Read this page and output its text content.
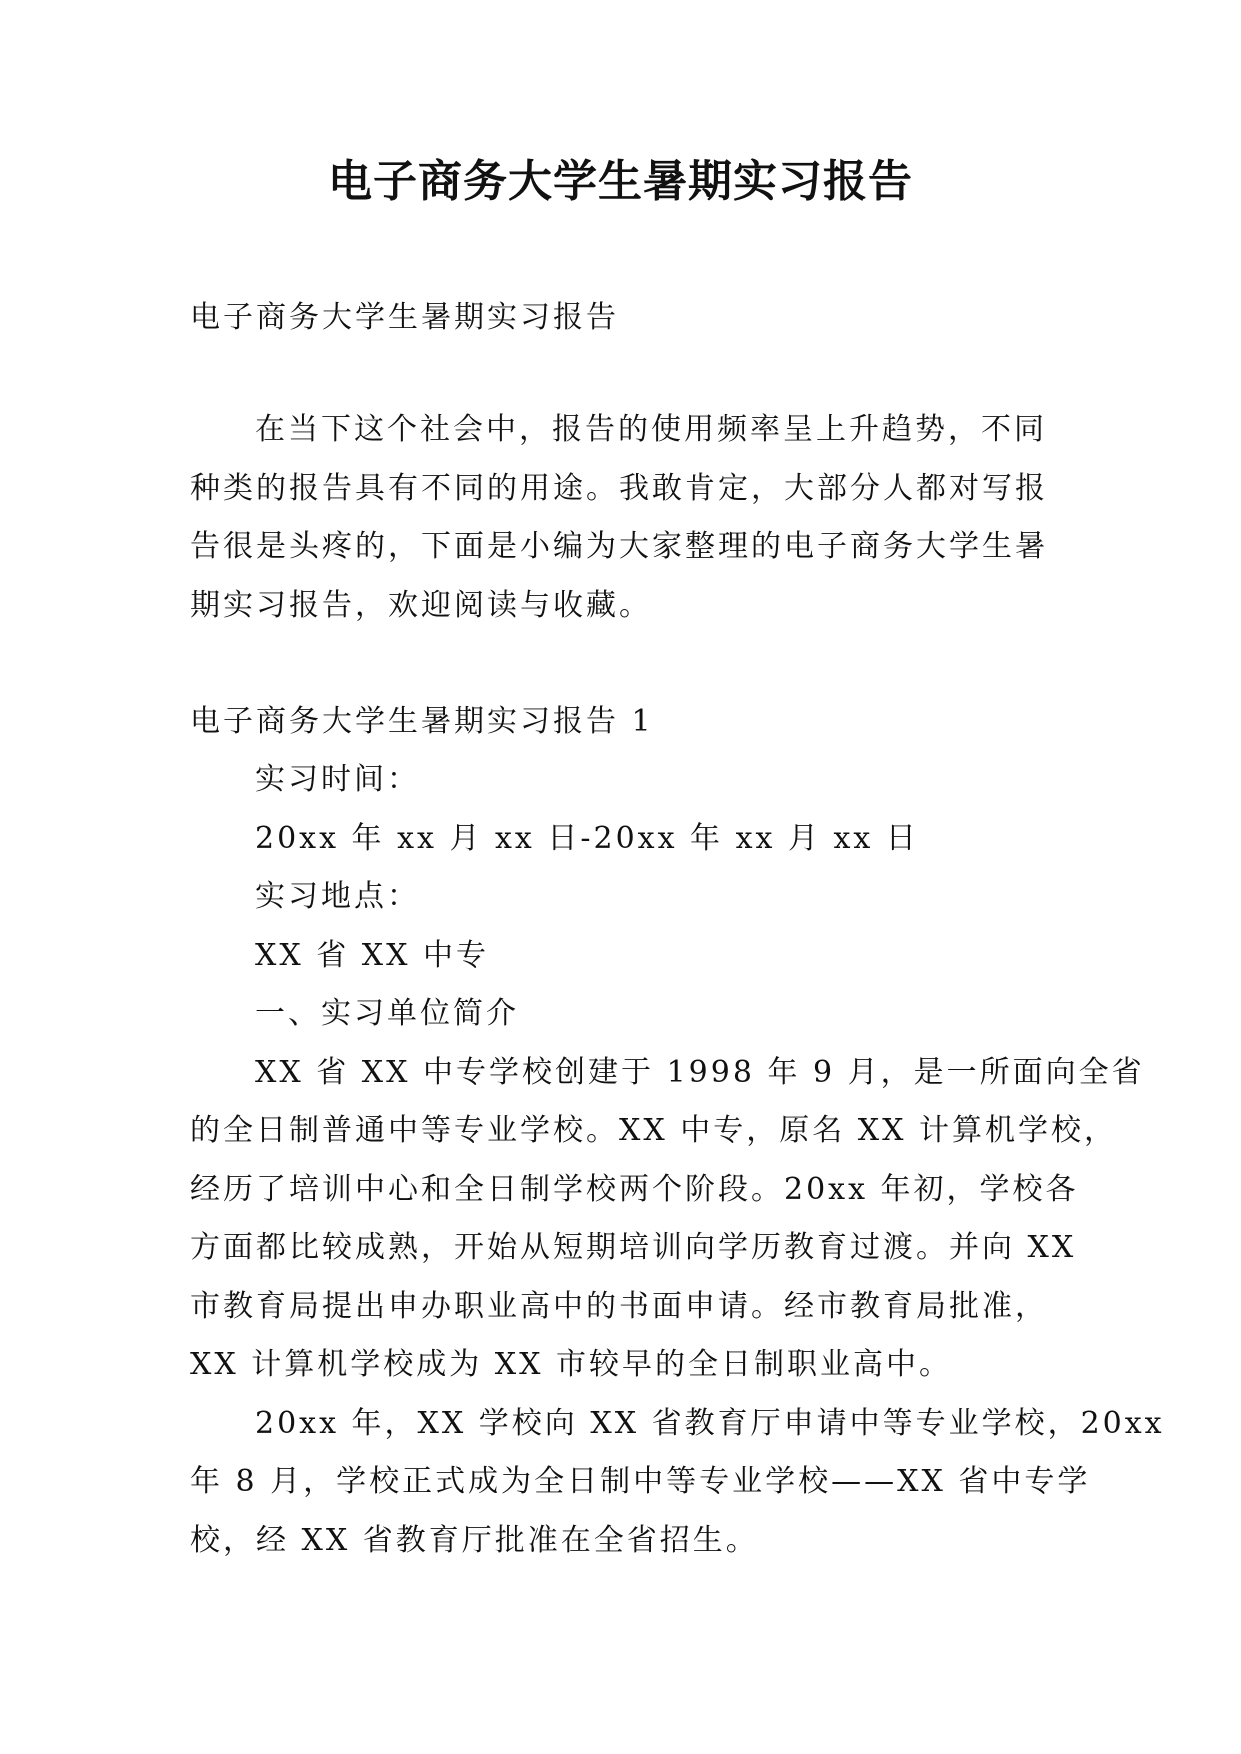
电子商务大学生暑期实习报告
电子商务大学生暑期实习报告
在当下这个社会中，报告的使用频率呈上升趋势，不同
种类的报告具有不同的用途。我敢肯定，大部分人都对写报
告很是头疼的，下面是小编为大家整理的电子商务大学生暑
期实习报告，欢迎阅读与收藏。
电子商务大学生暑期实习报告 1
实习时间：
20xx 年 xx 月 xx 日-20xx 年 xx 月 xx 日
实习地点：
XX 省 XX 中专
一、实习单位简介
XX 省 XX 中专学校创建于 1998 年 9 月，是一所面向全省
的全日制普通中等专业学校。XX 中专，原名 XX 计算机学校，
经历了培训中心和全日制学校两个阶段。20xx 年初，学校各
方面都比较成熟，开始从短期培训向学历教育过渡。并向 XX
市教育局提出申办职业高中的书面申请。经市教育局批准，
XX 计算机学校成为 XX 市较早的全日制职业高中。
20xx 年，XX 学校向 XX 省教育厅申请中等专业学校，20xx
年 8 月，学校正式成为全日制中等专业学校——XX 省中专学
校，经 XX 省教育厅批准在全省招生。
